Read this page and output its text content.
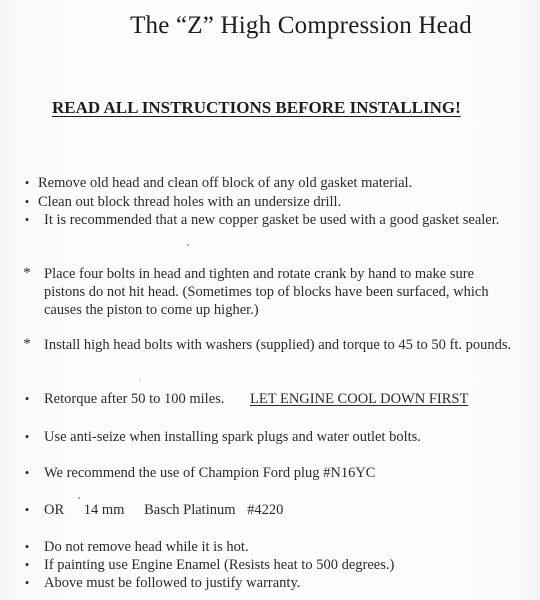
The “Z” High Compression Head
READ ALL INSTRUCTIONS BEFORE INSTALLING!
• Remove old head and clean off block of any old gasket material.
• Clean out block thread holes with an undersize drill.
•	It is recommended that a new copper gasket be used with a good gasket sealer.
* Place four bolts in head and tighten and rotate crank by hand to make sure pistons do not hit head. (Sometimes top of blocks have been surfaced, which causes the piston to come up higher.)
* Install high head bolts with washers (supplied) and torque to 45 to 50 ft. pounds.
•	Retorque after 50 to 100 miles. LET ENGINE COOL DOWN FIRST
•	Use anti-seize when installing spark plugs and water outlet bolts.
•	We recommend the use of Champion Ford plug #N16YC
•	OR 14 mm Basch Platinum #4220
•	Do not remove head while it is hot.
•	If painting use Engine Enamel (Resists heat to 500 degrees.)
•	Above must be followed to justify warranty.
